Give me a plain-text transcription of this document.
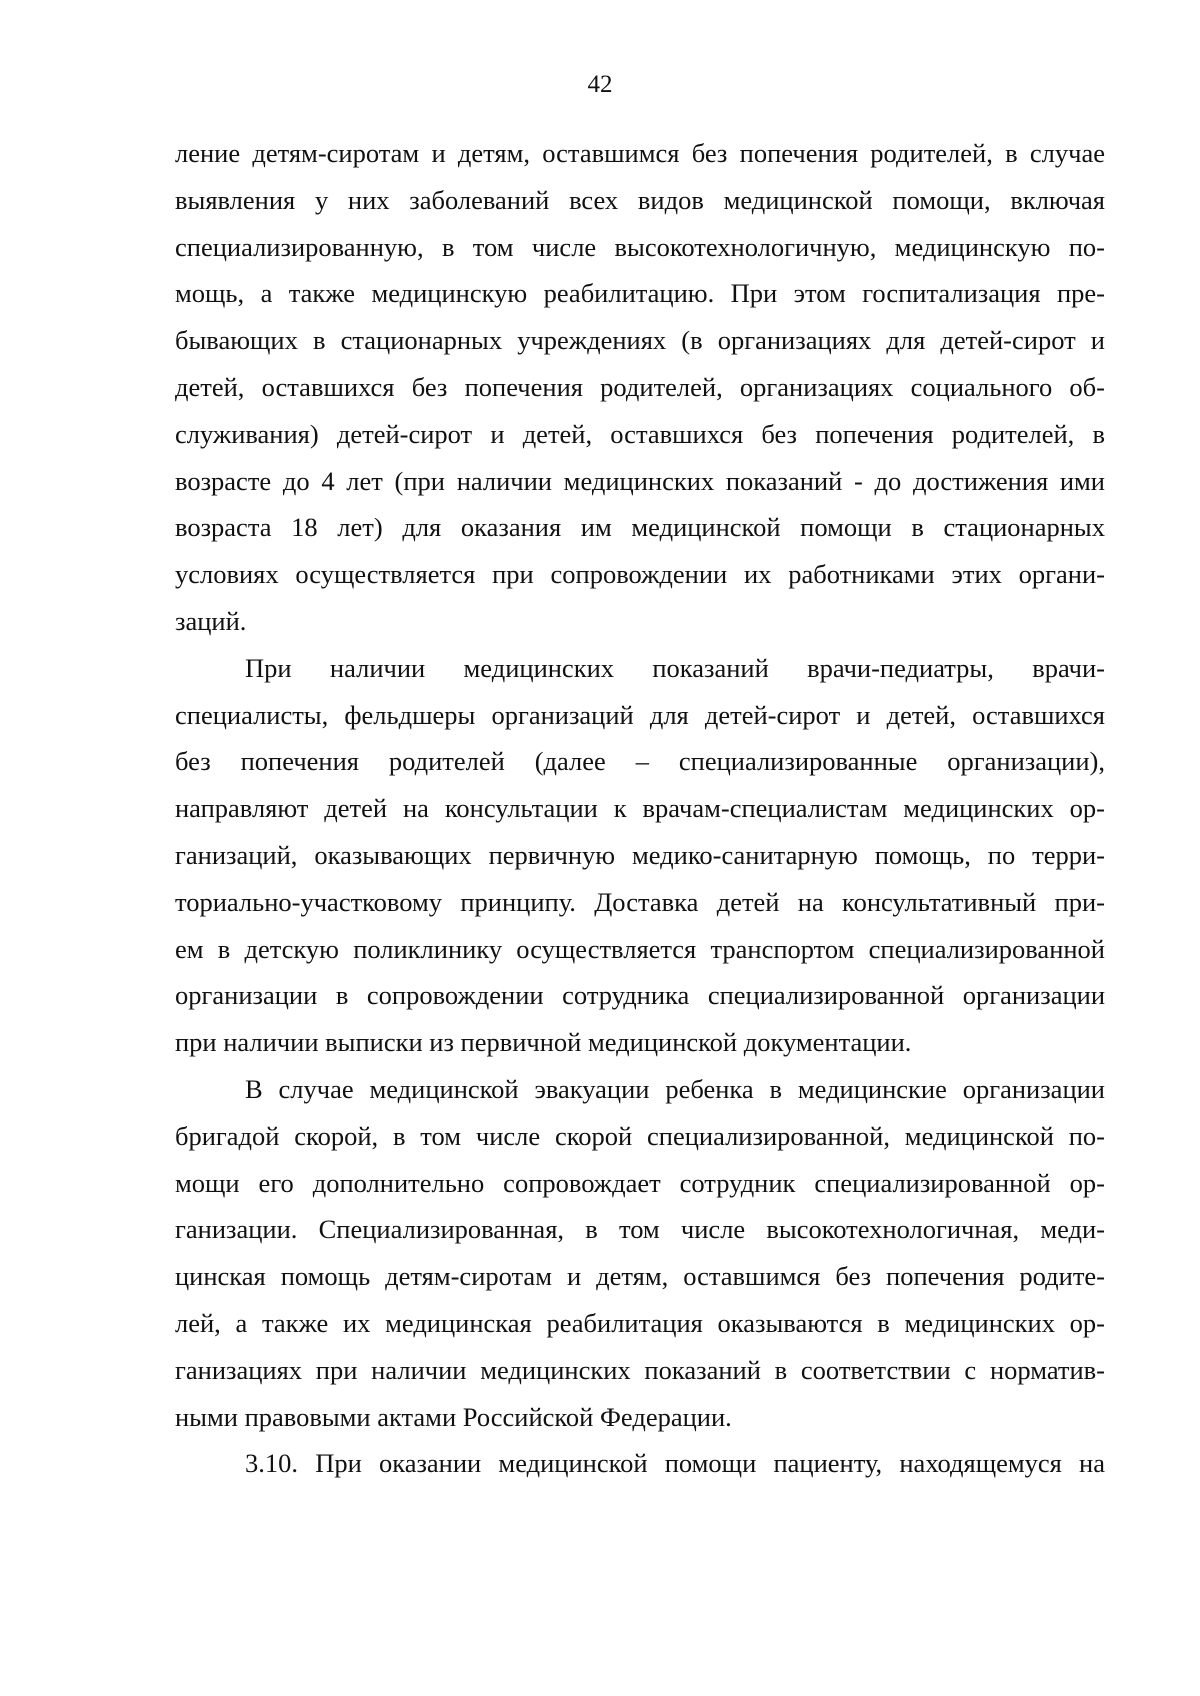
42
ление детям-сиротам и детям, оставшимся без попечения родителей, в случае
выявления у них заболеваний всех видов медицинской помощи, включая
специализированную, в том числе высокотехнологичную, медицинскую по-
мощь, а также медицинскую реабилитацию. При этом госпитализация пре-
бывающих в стационарных учреждениях (в организациях для детей-сирот и
детей, оставшихся без попечения родителей, организациях социального об-
служивания) детей-сирот и детей, оставшихся без попечения родителей, в
возрасте до 4 лет (при наличии медицинских показаний - до достижения ими
возраста 18 лет) для оказания им медицинской помощи в стационарных
условиях осуществляется при сопровождении их работниками этих органи-
заций.
При наличии медицинских показаний врачи-педиатры, врачи-
специалисты, фельдшеры организаций для детей-сирот и детей, оставшихся
без попечения родителей (далее – специализированные организации),
направляют детей на консультации к врачам-специалистам медицинских ор-
ганизаций, оказывающих первичную медико-санитарную помощь, по терри-
ториально-участковому принципу. Доставка детей на консультативный при-
ем в детскую поликлинику осуществляется транспортом специализированной
организации в сопровождении сотрудника специализированной организации
при наличии выписки из первичной медицинской документации.
В случае медицинской эвакуации ребенка в медицинские организации
бригадой скорой, в том числе скорой специализированной, медицинской по-
мощи его дополнительно сопровождает сотрудник специализированной ор-
ганизации. Специализированная, в том числе высокотехнологичная, меди-
цинская помощь детям-сиротам и детям, оставшимся без попечения родите-
лей, а также их медицинская реабилитация оказываются в медицинских ор-
ганизациях при наличии медицинских показаний в соответствии с норматив-
ными правовыми актами Российской Федерации.
3.10. При оказании медицинской помощи пациенту, находящемуся на
